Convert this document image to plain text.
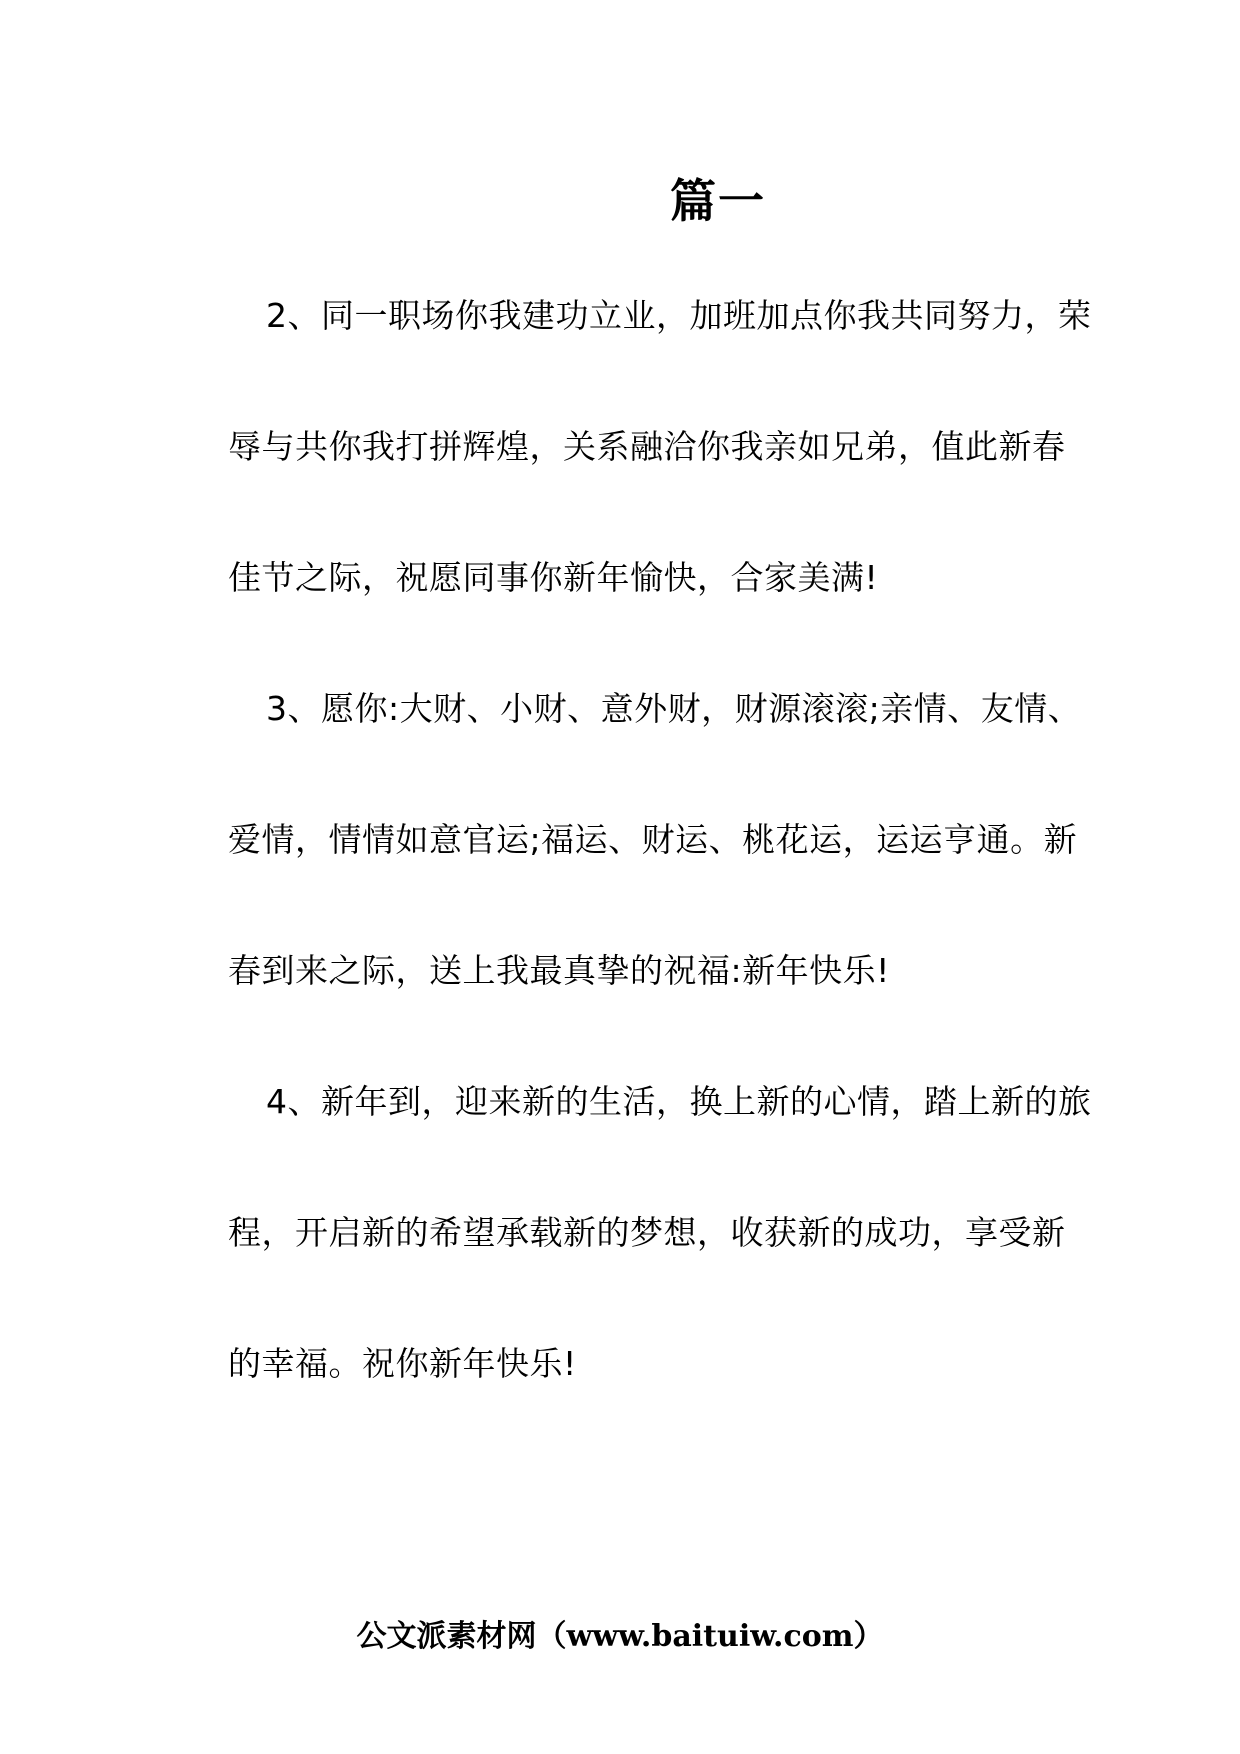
篇一
2、同一职场你我建功立业，加班加点你我共同努力，荣
辱与共你我打拼辉煌，关系融洽你我亲如兄弟，值此新春
佳节之际，祝愿同事你新年愉快，合家美满!
3、愿你:大财、小财、意外财，财源滚滚;亲情、友情、
爱情，情情如意官运;福运、财运、桃花运，运运亨通。新
春到来之际，送上我最真挚的祝福:新年快乐!
4、新年到，迎来新的生活，换上新的心情，踏上新的旅
程，开启新的希望承载新的梦想，收获新的成功，享受新
的幸福。祝你新年快乐!
公文派素材网（www.baituiw.com）
